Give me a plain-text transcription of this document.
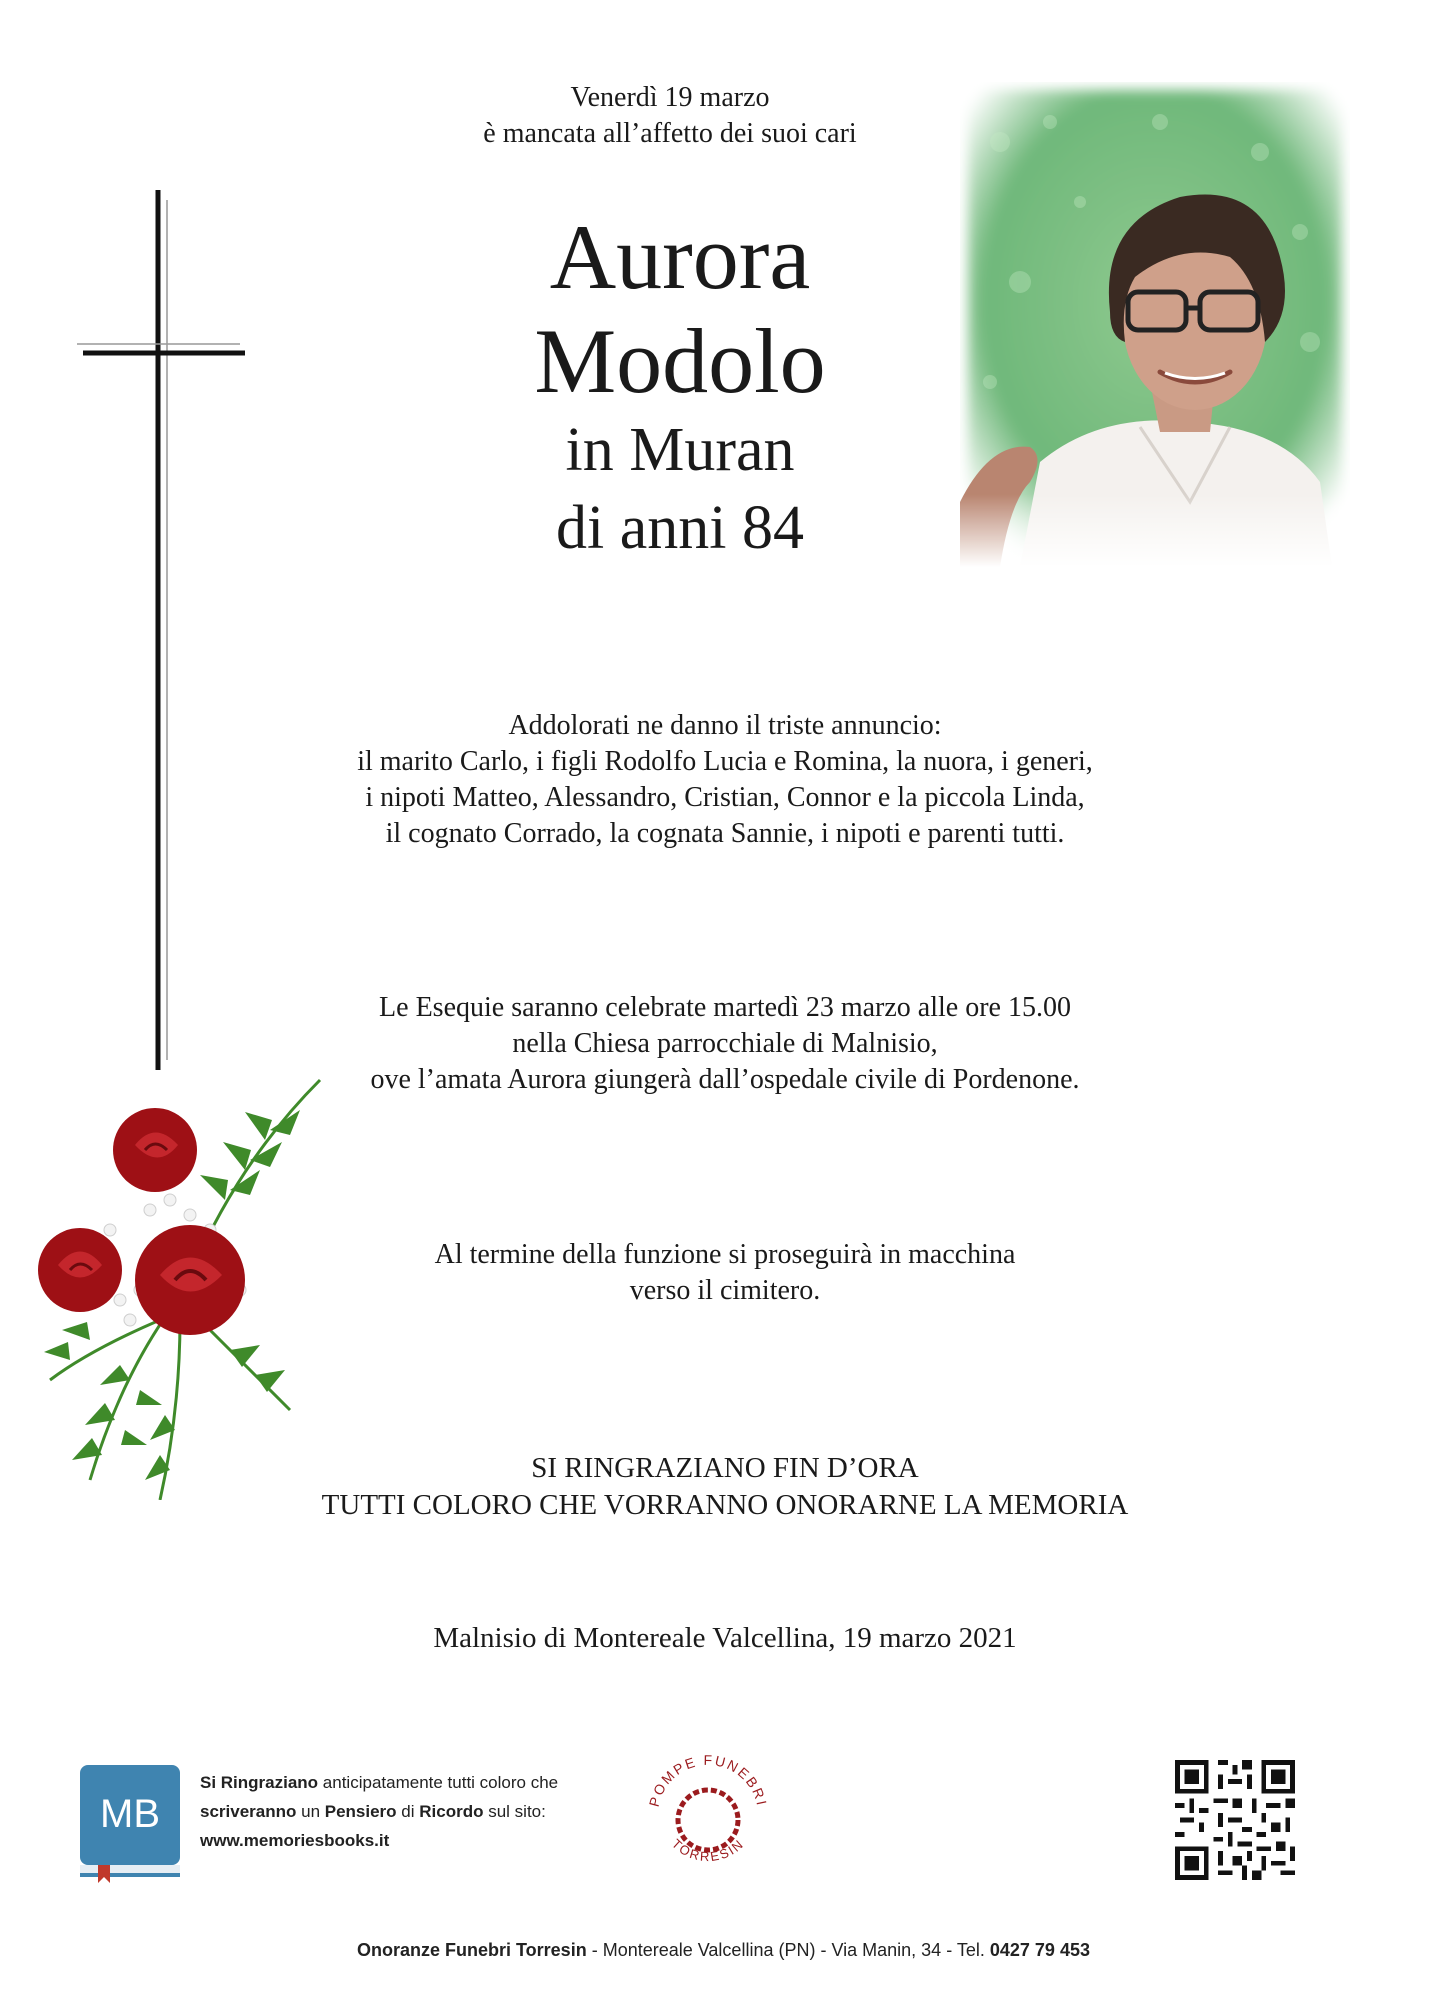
Venerdì 19 marzo
è mancata all’affetto dei suoi cari
Aurora
Modolo
in Muran
di anni 84
Addolorati ne danno il triste annuncio:
il marito Carlo, i figli Rodolfo Lucia e Romina, la nuora, i generi,
i nipoti Matteo, Alessandro, Cristian, Connor e la piccola Linda,
il cognato Corrado, la cognata Sannie, i nipoti e parenti tutti.
Le Esequie saranno celebrate martedì 23 marzo alle ore 15.00
nella Chiesa parrocchiale di Malnisio,
ove l’amata Aurora giungerà dall’ospedale civile di Pordenone.
Al termine della funzione si proseguirà in macchina
verso il cimitero.
SI RINGRAZIANO FIN D’ORA
TUTTI COLORO CHE VORRANNO ONORARNE LA MEMORIA
Malnisio di Montereale Valcellina, 19 marzo 2021
MB
Si Ringraziano anticipatamente tutti coloro che
scriveranno un Pensiero di Ricordo sul sito:
www.memoriesbooks.it
POMPE FUNEBRI
TORRESIN
Onoranze Funebri Torresin - Montereale Valcellina (PN) - Via Manin, 34 - Tel. 0427 79 453
